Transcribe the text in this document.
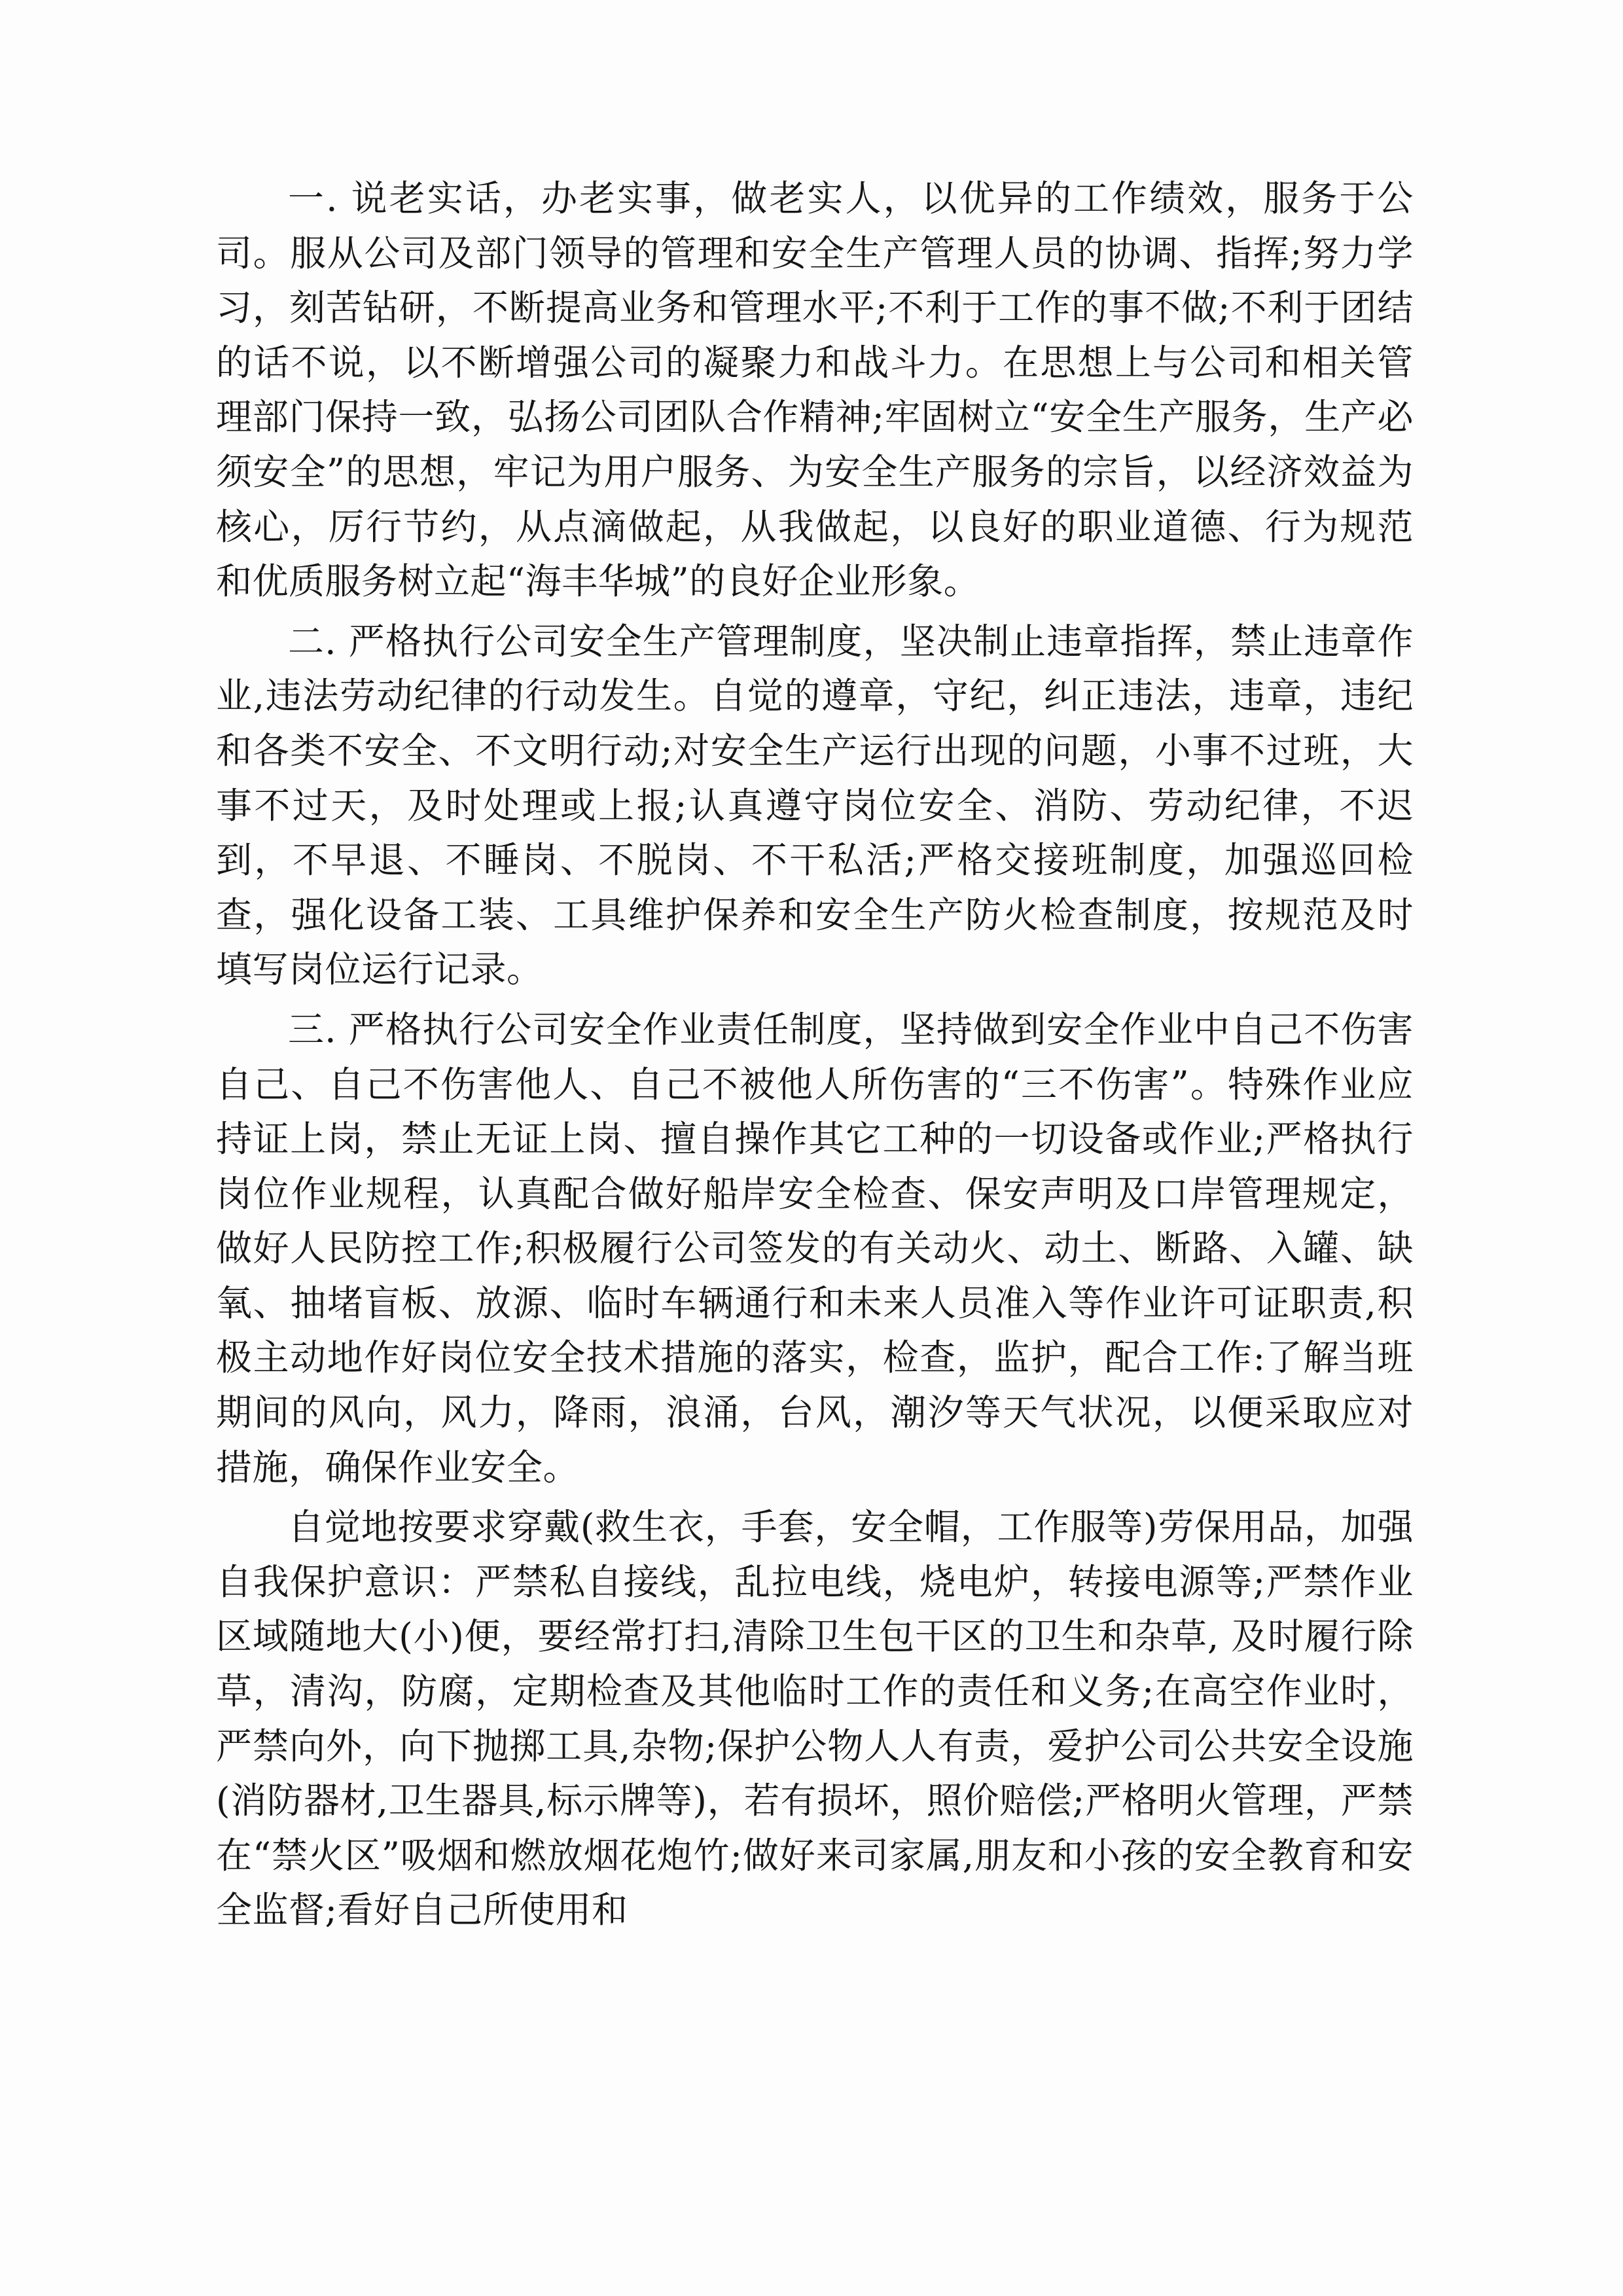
一. 说老实话，办老实事，做老实人，以优异的工作绩效，服务于公司。服从公司及部门领导的管理和安全生产管理人员的协调、指挥;努力学习，刻苦钻研，不断提高业务和管理水平;不利于工作的事不做;不利于团结的话不说，以不断增强公司的凝聚力和战斗力。在思想上与公司和相关管理部门保持一致，弘扬公司团队合作精神;牢固树立“安全生产服务，生产必须安全”的思想，牢记为用户服务、为安全生产服务的宗旨，以经济效益为核心，厉行节约，从点滴做起，从我做起，以良好的职业道德、行为规范和优质服务树立起“海丰华城”的良好企业形象。

二. 严格执行公司安全生产管理制度，坚决制止违章指挥，禁止违章作业,违法劳动纪律的行动发生。自觉的遵章，守纪，纠正违法，违章，违纪和各类不安全、不文明行动;对安全生产运行出现的问题，小事不过班，大事不过天，及时处理或上报;认真遵守岗位安全、消防、劳动纪律，不迟到，不早退、不睡岗、不脱岗、不干私活;严格交接班制度，加强巡回检查，强化设备工装、工具维护保养和安全生产防火检查制度，按规范及时填写岗位运行记录。

三. 严格执行公司安全作业责任制度，坚持做到安全作业中自己不伤害自己、自己不伤害他人、自己不被他人所伤害的“三不伤害”。特殊作业应持证上岗，禁止无证上岗、擅自操作其它工种的一切设备或作业;严格执行岗位作业规程，认真配合做好船岸安全检查、保安声明及口岸管理规定，做好人民防控工作;积极履行公司签发的有关动火、动土、断路、入罐、缺氧、抽堵盲板、放源、临时车辆通行和未来人员准入等作业许可证职责,积极主动地作好岗位安全技术措施的落实，检查，监护，配合工作:了解当班期间的风向，风力，降雨，浪涌，台风，潮汐等天气状况，以便采取应对措施，确保作业安全。

自觉地按要求穿戴(救生衣，手套，安全帽，工作服等)劳保用品，加强自我保护意识：严禁私自接线，乱拉电线，烧电炉，转接电源等;严禁作业区域随地大(小)便，要经常打扫,清除卫生包干区的卫生和杂草, 及时履行除草，清沟，防腐，定期检查及其他临时工作的责任和义务;在高空作业时，严禁向外，向下抛掷工具,杂物;保护公物人人有责，爱护公司公共安全设施(消防器材,卫生器具,标示牌等)，若有损坏，照价赔偿;严格明火管理，严禁在“禁火区”吸烟和燃放烟花炮竹;做好来司家属,朋友和小孩的安全教育和安全监督;看好自己所使用和
